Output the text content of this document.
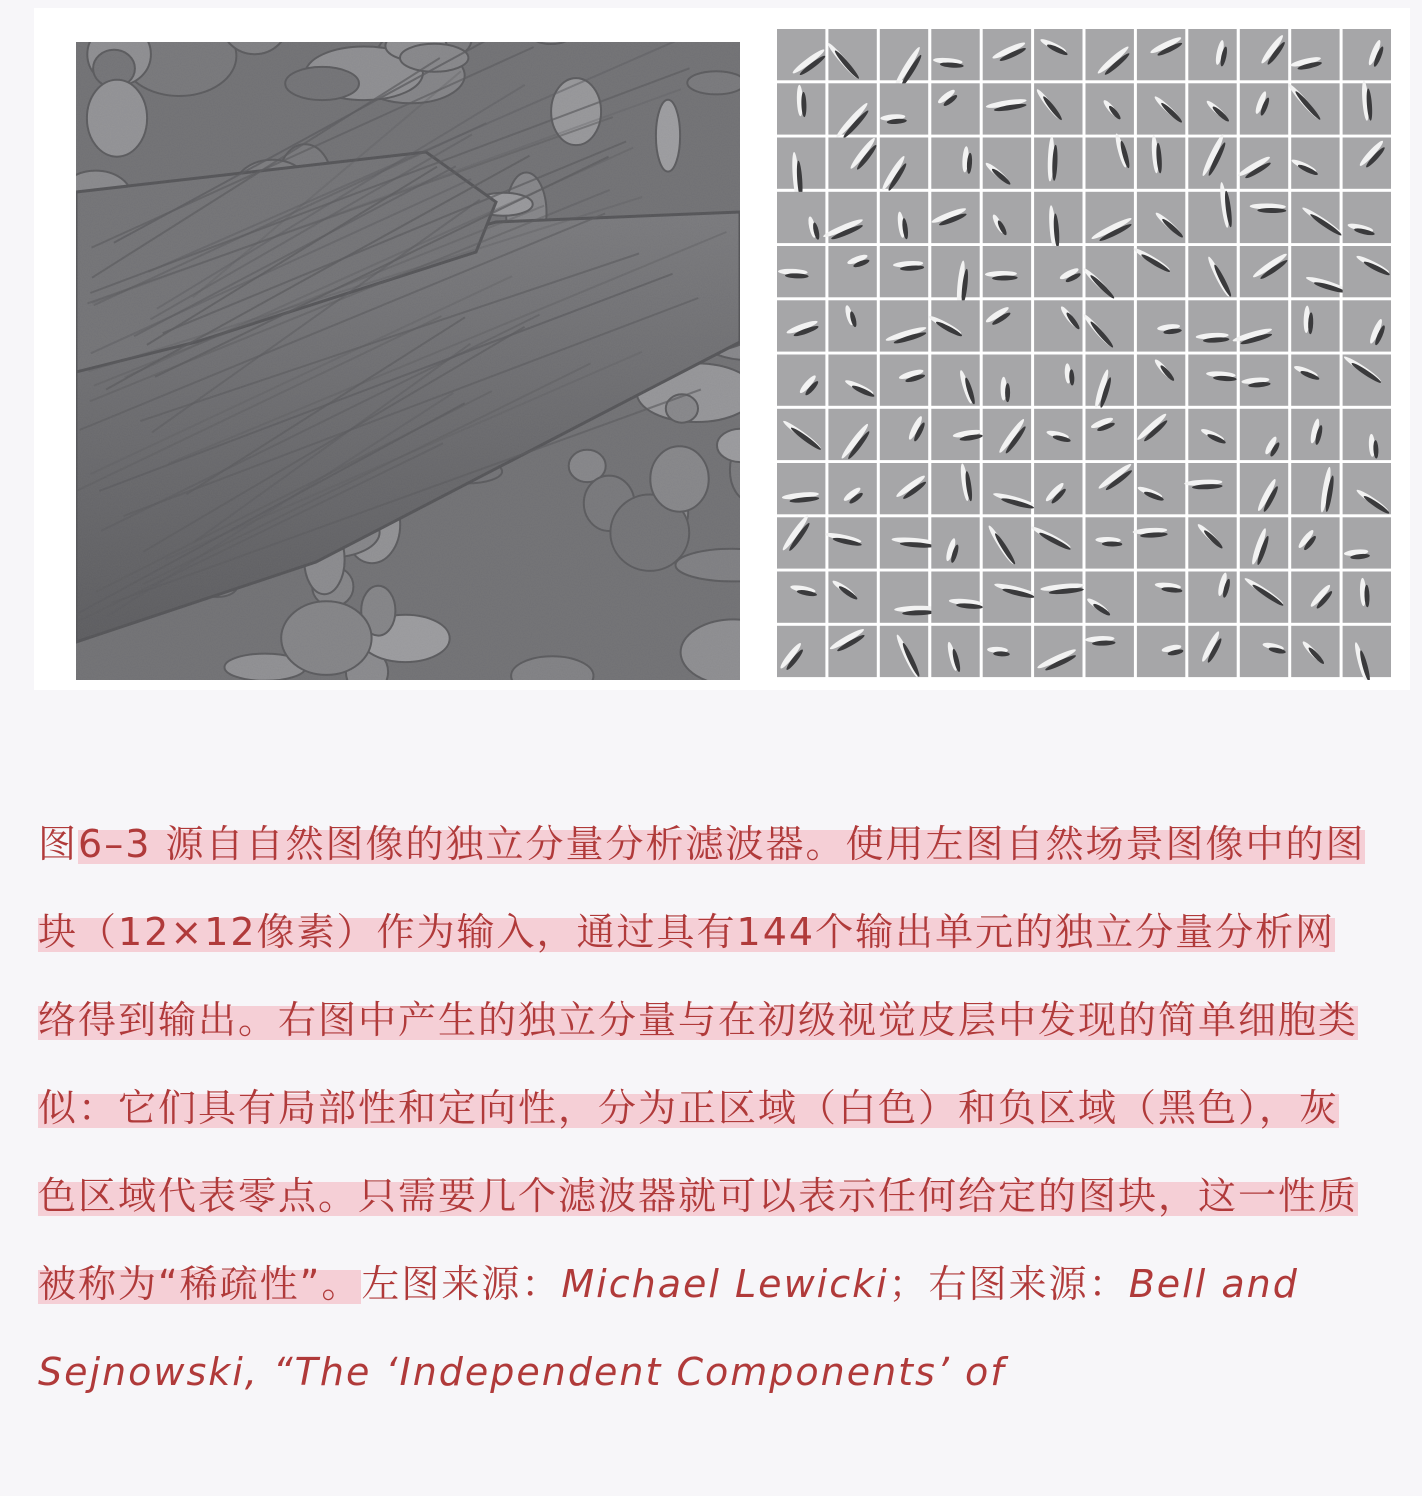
图6–3 源自自然图像的独立分量分析滤波器。使用左图自然场景图像中的图块（12×12像素）作为输入，通过具有144个输出单元的独立分量分析网络得到输出。右图中产生的独立分量与在初级视觉皮层中发现的简单细胞类似：它们具有局部性和定向性，分为正区域（白色）和负区域（黑色），灰色区域代表零点。只需要几个滤波器就可以表示任何给定的图块，这一性质被称为“稀疏性”。左图来源：Michael Lewicki；右图来源：Bell and Sejnowski, “The ‘Independent Components’ of
